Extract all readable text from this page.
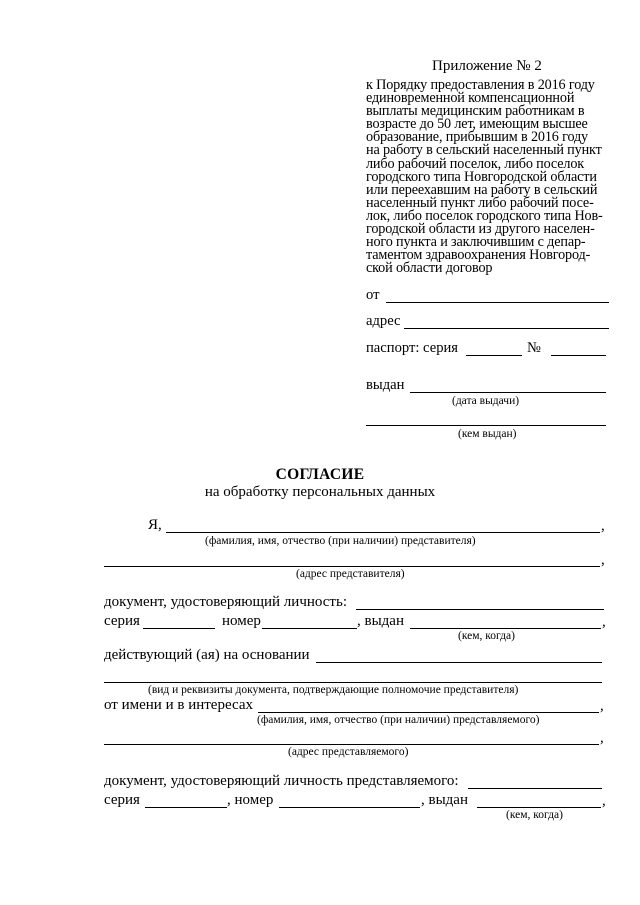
Приложение № 2
к Порядку предоставления в 2016 году
единовременной компенсационной
выплаты медицинским работникам в
возрасте до 50 лет, имеющим высшее
образование, прибывшим в 2016 году
на работу в сельский населенный пункт
либо рабочий поселок, либо поселок
городского типа Новгородской области
или переехавшим на работу в сельский
населенный пункт либо рабочий посе-
лок, либо поселок городского типа Нов-
городской области из другого населен-
ного пункта и заключившим с депар-
таментом здравоохранения Новгород-
ской области договор
от
адрес
паспорт: серия	№
выдан
(дата выдачи)
(кем выдан)
СОГЛАСИЕ
на обработку персональных данных
Я,	,
(фамилия, имя, отчество (при наличии) представителя)
,
(адрес представителя)
документ, удостоверяющий личность:
серия	номер	, выдан	,
(кем, когда)
действующий (ая) на основании
(вид и реквизиты документа, подтверждающие полномочие представителя)
от имени и в интересах	,
(фамилия, имя, отчество (при наличии) представляемого)
,
(адрес представляемого)
документ, удостоверяющий личность представляемого:
серия	, номер	, выдан	,
(кем, когда)
